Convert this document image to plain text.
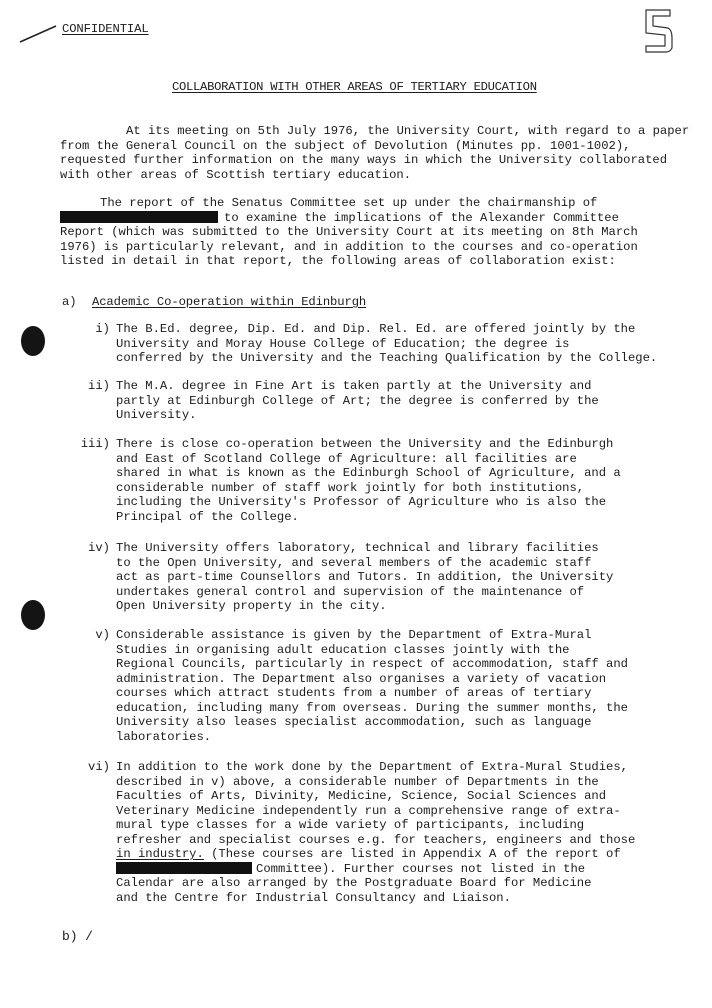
CONFIDENTIAL
COLLABORATION WITH OTHER AREAS OF TERTIARY EDUCATION
At its meeting on 5th July 1976, the University Court, with regard to a paper
from the General Council on the subject of Devolution (Minutes pp. 1001-1002),
requested further information on the many ways in which the University collaborated
with other areas of Scottish tertiary education.
The report of the Senatus Committee set up under the chairmanship of
to examine the implications of the Alexander Committee
Report (which was submitted to the University Court at its meeting on 8th March
1976) is particularly relevant, and in addition to the courses and co-operation
listed in detail in that report, the following areas of collaboration exist:
a) Academic Co-operation within Edinburgh
i) The B.Ed. degree, Dip. Ed. and Dip. Rel. Ed. are offered jointly by the
University and Moray House College of Education; the degree is
conferred by the University and the Teaching Qualification by the College.
ii) The M.A. degree in Fine Art is taken partly at the University and
partly at Edinburgh College of Art; the degree is conferred by the
University.
iii) There is close co-operation between the University and the Edinburgh
and East of Scotland College of Agriculture: all facilities are
shared in what is known as the Edinburgh School of Agriculture, and a
considerable number of staff work jointly for both institutions,
including the University's Professor of Agriculture who is also the
Principal of the College.
iv) The University offers laboratory, technical and library facilities
to the Open University, and several members of the academic staff
act as part-time Counsellors and Tutors. In addition, the University
undertakes general control and supervision of the maintenance of
Open University property in the city.
v) Considerable assistance is given by the Department of Extra-Mural
Studies in organising adult education classes jointly with the
Regional Councils, particularly in respect of accommodation, staff and
administration. The Department also organises a variety of vacation
courses which attract students from a number of areas of tertiary
education, including many from overseas. During the summer months, the
University also leases specialist accommodation, such as language
laboratories.
vi) In addition to the work done by the Department of Extra-Mural Studies,
described in v) above, a considerable number of Departments in the
Faculties of Arts, Divinity, Medicine, Science, Social Sciences and
Veterinary Medicine independently run a comprehensive range of extra-
mural type classes for a wide variety of participants, including
refresher and specialist courses e.g. for teachers, engineers and those
in industry. (These courses are listed in Appendix A of the report of
Committee). Further courses not listed in the
Calendar are also arranged by the Postgraduate Board for Medicine
and the Centre for Industrial Consultancy and Liaison.
b) /
